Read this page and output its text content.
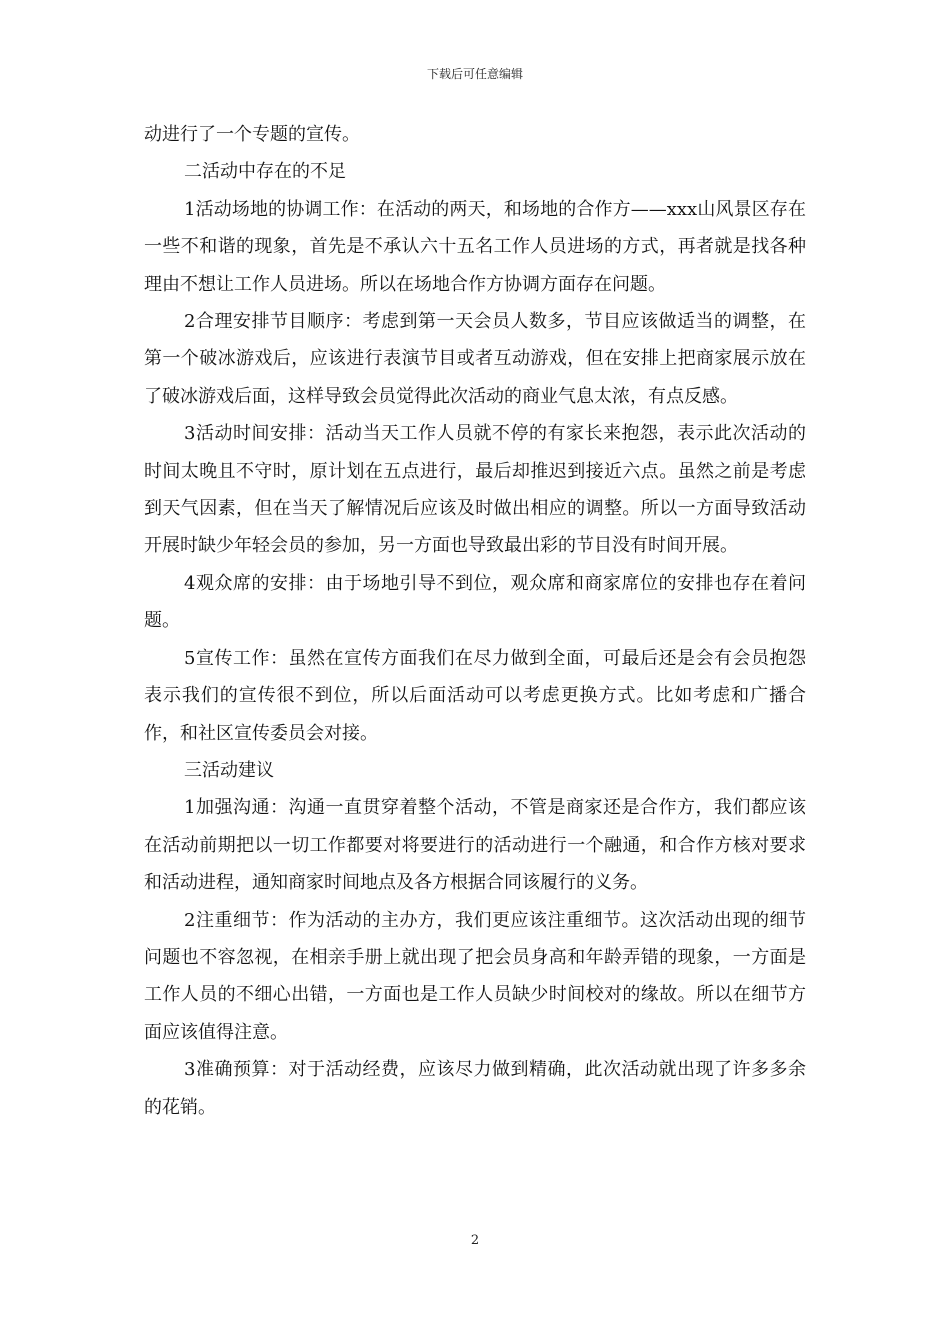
下载后可任意编辑

动进行了一个专题的宣传。

二活动中存在的不足

1活动场地的协调工作：在活动的两天，和场地的合作方——xxx山风景区存在一些不和谐的现象，首先是不承认六十五名工作人员进场的方式，再者就是找各种理由不想让工作人员进场。所以在场地合作方协调方面存在问题。

2合理安排节目顺序：考虑到第一天会员人数多，节目应该做适当的调整，在第一个破冰游戏后，应该进行表演节目或者互动游戏，但在安排上把商家展示放在了破冰游戏后面，这样导致会员觉得此次活动的商业气息太浓，有点反感。

3活动时间安排：活动当天工作人员就不停的有家长来抱怨，表示此次活动的时间太晚且不守时，原计划在五点进行，最后却推迟到接近六点。虽然之前是考虑到天气因素，但在当天了解情况后应该及时做出相应的调整。所以一方面导致活动开展时缺少年轻会员的参加，另一方面也导致最出彩的节目没有时间开展。

4观众席的安排：由于场地引导不到位，观众席和商家席位的安排也存在着问题。

5宣传工作：虽然在宣传方面我们在尽力做到全面，可最后还是会有会员抱怨表示我们的宣传很不到位，所以后面活动可以考虑更换方式。比如考虑和广播合作，和社区宣传委员会对接。

三活动建议

1加强沟通：沟通一直贯穿着整个活动，不管是商家还是合作方，我们都应该在活动前期把以一切工作都要对将要进行的活动进行一个融通，和合作方核对要求和活动进程，通知商家时间地点及各方根据合同该履行的义务。

2注重细节：作为活动的主办方，我们更应该注重细节。这次活动出现的细节问题也不容忽视，在相亲手册上就出现了把会员身高和年龄弄错的现象，一方面是工作人员的不细心出错，一方面也是工作人员缺少时间校对的缘故。所以在细节方面应该值得注意。

3准确预算：对于活动经费，应该尽力做到精确，此次活动就出现了许多多余的花销。

2
